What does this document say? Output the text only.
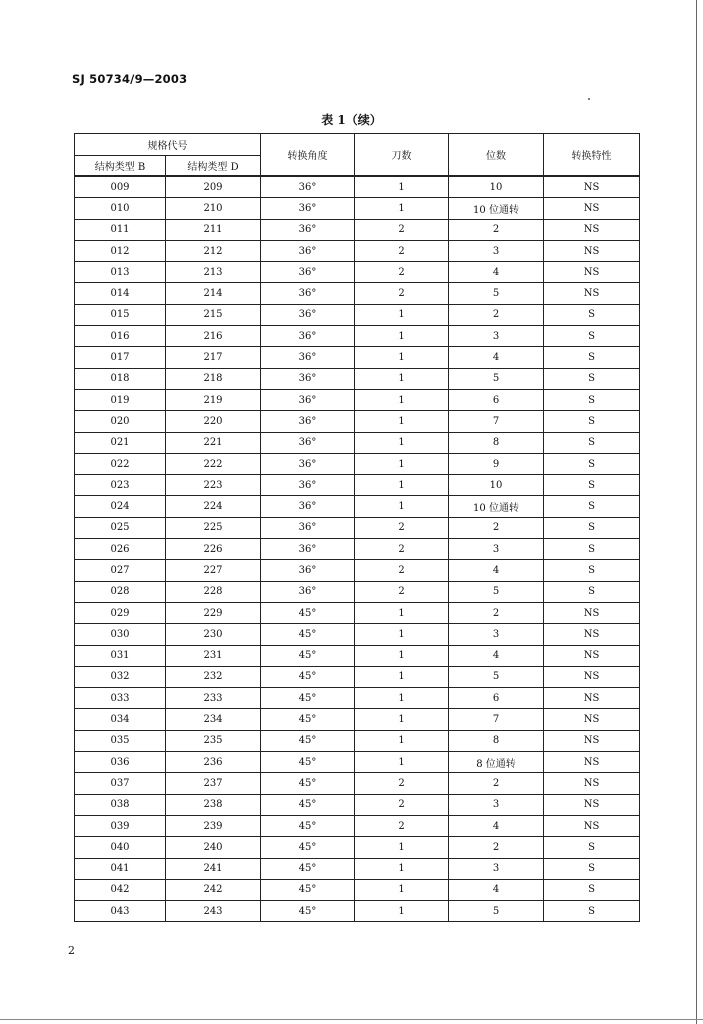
SJ 50734/9—2003
表 1（续）
规格代号		转换角度	刀数	位数	转换特性
结构类型 B	结构类型 D				
009	209	36°	1	10	NS
010	210	36°	1	10 位通转	NS
011	211	36°	2	2	NS
012	212	36°	2	3	NS
013	213	36°	2	4	NS
014	214	36°	2	5	NS
015	215	36°	1	2	S
016	216	36°	1	3	S
017	217	36°	1	4	S
018	218	36°	1	5	S
019	219	36°	1	6	S
020	220	36°	1	7	S
021	221	36°	1	8	S
022	222	36°	1	9	S
023	223	36°	1	10	S
024	224	36°	1	10 位通转	S
025	225	36°	2	2	S
026	226	36°	2	3	S
027	227	36°	2	4	S
028	228	36°	2	5	S
029	229	45°	1	2	NS
030	230	45°	1	3	NS
031	231	45°	1	4	NS
032	232	45°	1	5	NS
033	233	45°	1	6	NS
034	234	45°	1	7	NS
035	235	45°	1	8	NS
036	236	45°	1	8 位通转	NS
037	237	45°	2	2	NS
038	238	45°	2	3	NS
039	239	45°	2	4	NS
040	240	45°	1	2	S
041	241	45°	1	3	S
042	242	45°	1	4	S
043	243	45°	1	5	S
2
